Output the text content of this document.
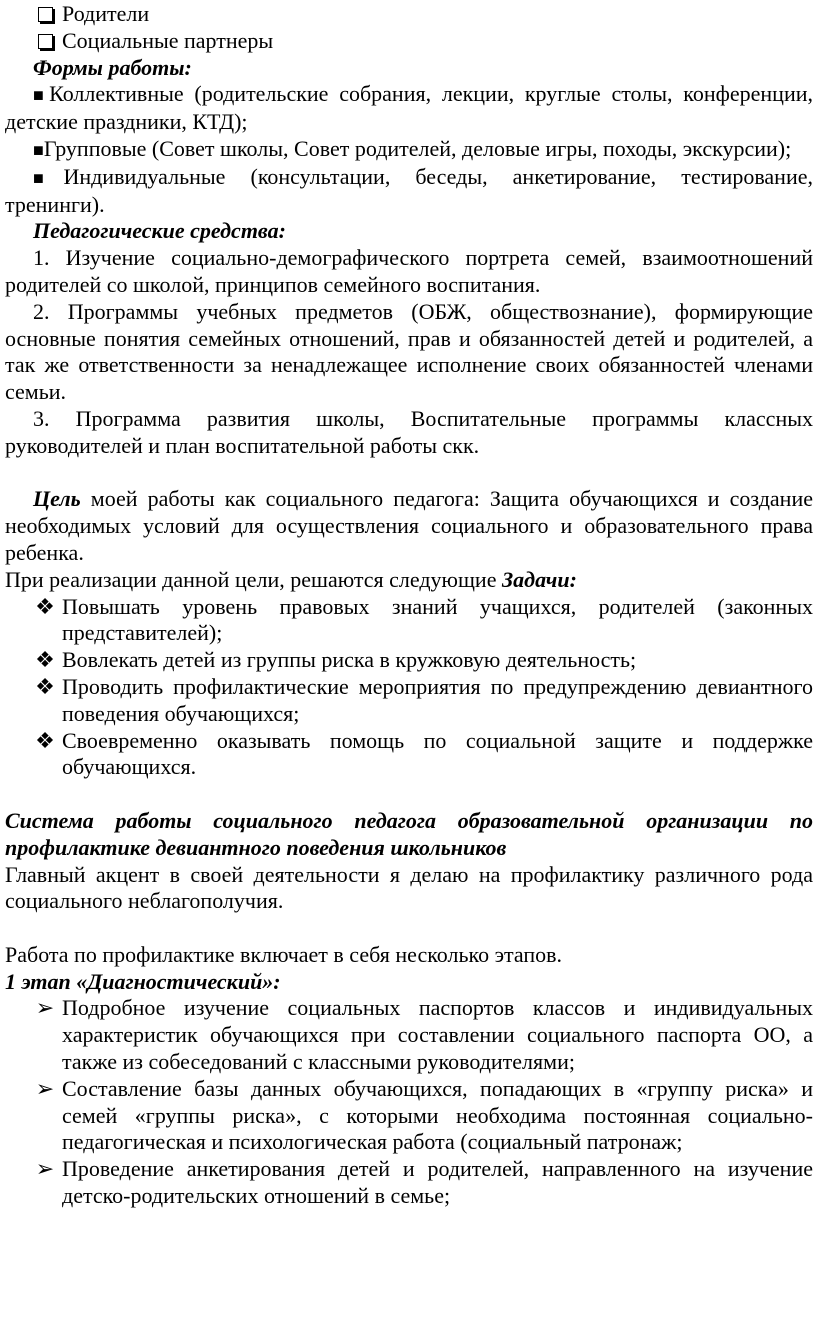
Родители
Социальные партнеры

Формы работы:

■Коллективные (родительские собрания, лекции, круглые столы, конференции, детские праздники, КТД);

■Групповые (Совет школы, Совет родителей, деловые игры, походы, экскурсии);

■Индивидуальные (консультации, беседы, анкетирование, тестирование, тренинги).

Педагогические средства:

1. Изучение социально-демографического портрета семей, взаимоотношений родителей со школой, принципов семейного воспитания.

2. Программы учебных предметов (ОБЖ, обществознание), формирующие основные понятия семейных отношений, прав и обязанностей детей и родителей, а так же ответственности за ненадлежащее исполнение своих обязанностей членами семьи.

3. Программа развития школы, Воспитательные программы классных руководителей и план воспитательной работы скк.

Цель моей работы как социального педагога: Защита обучающихся и создание необходимых условий для осуществления социального и образовательного права ребенка.

При реализации данной цели, решаются следующие Задачи:

❖ Повышать уровень правовых знаний учащихся, родителей (законных представителей);
❖ Вовлекать детей из группы риска в кружковую деятельность;
❖ Проводить профилактические мероприятия по предупреждению девиантного поведения обучающихся;
❖ Своевременно оказывать помощь по социальной защите и поддержке обучающихся.

Система работы социального педагога образовательной организации по профилактике девиантного поведения школьников

Главный акцент в своей деятельности я делаю на профилактику различного рода социального неблагополучия.

Работа по профилактике включает в себя несколько этапов.

1 этап «Диагностический»:

➢ Подробное изучение социальных паспортов классов и индивидуальных характеристик обучающихся при составлении социального паспорта ОО, а также из собеседований с классными руководителями;
➢ Составление базы данных обучающихся, попадающих в «группу риска» и семей «группы риска», с которыми необходима постоянная социально-педагогическая и психологическая работа (социальный патронаж;
➢ Проведение анкетирования детей и родителей, направленного на изучение детско-родительских отношений в семье;
